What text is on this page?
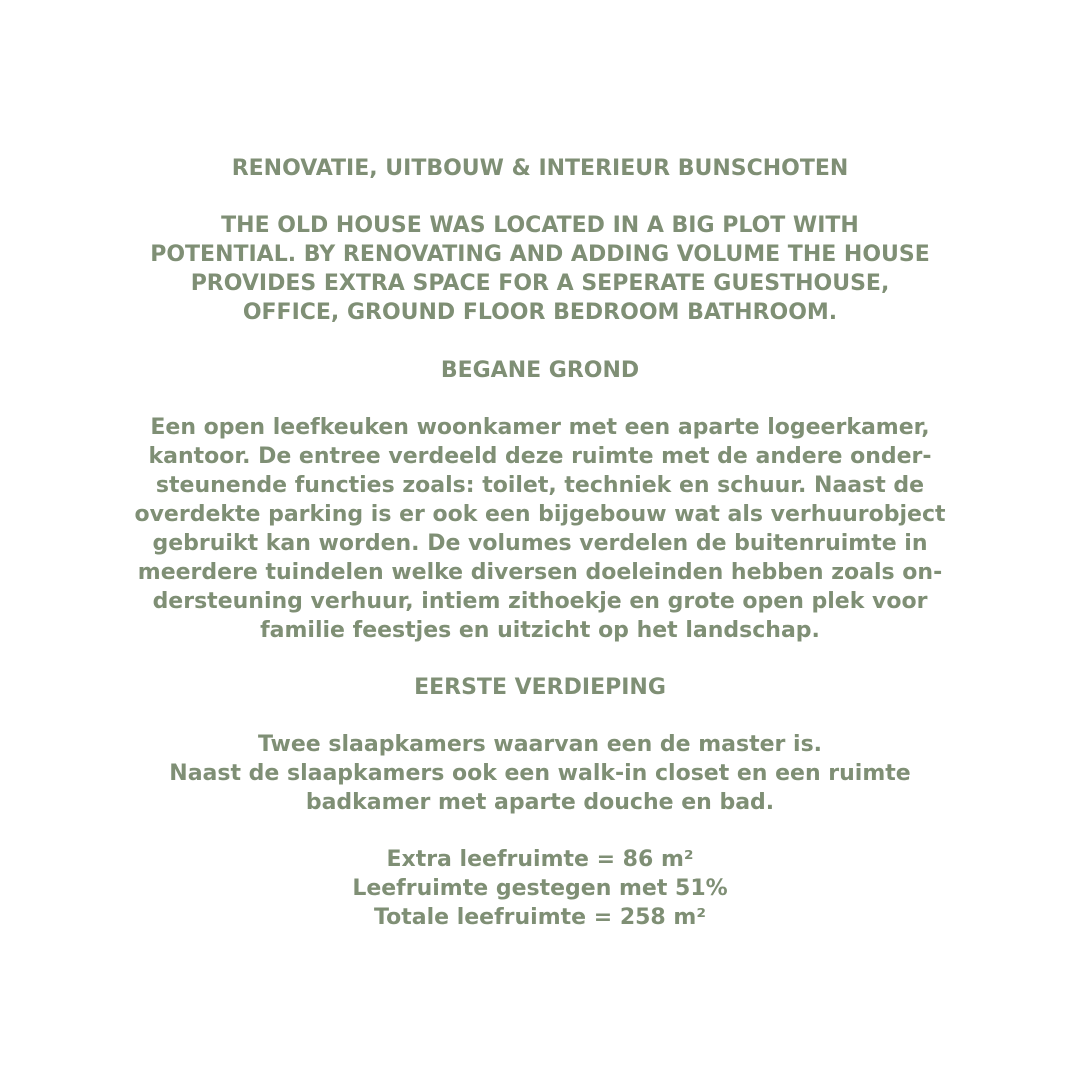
RENOVATIE, UITBOUW & INTERIEUR BUNSCHOTEN
THE OLD HOUSE WAS LOCATED IN A BIG PLOT WITH
POTENTIAL. BY RENOVATING AND ADDING VOLUME THE HOUSE
PROVIDES EXTRA SPACE FOR A SEPERATE GUESTHOUSE,
OFFICE, GROUND FLOOR BEDROOM BATHROOM.
BEGANE GROND
Een open leefkeuken woonkamer met een aparte logeerkamer,
kantoor. De entree verdeeld deze ruimte met de andere onder-
steunende functies zoals: toilet, techniek en schuur. Naast de
overdekte parking is er ook een bijgebouw wat als verhuurobject
gebruikt kan worden. De volumes verdelen de buitenruimte in
meerdere tuindelen welke diversen doeleinden hebben zoals on-
dersteuning verhuur, intiem zithoekje en grote open plek voor
familie feestjes en uitzicht op het landschap.
EERSTE VERDIEPING
Twee slaapkamers waarvan een de master is.
Naast de slaapkamers ook een walk-in closet en een ruimte
badkamer met aparte douche en bad.
Extra leefruimte = 86 m²
Leefruimte gestegen met 51%
Totale leefruimte = 258 m²
